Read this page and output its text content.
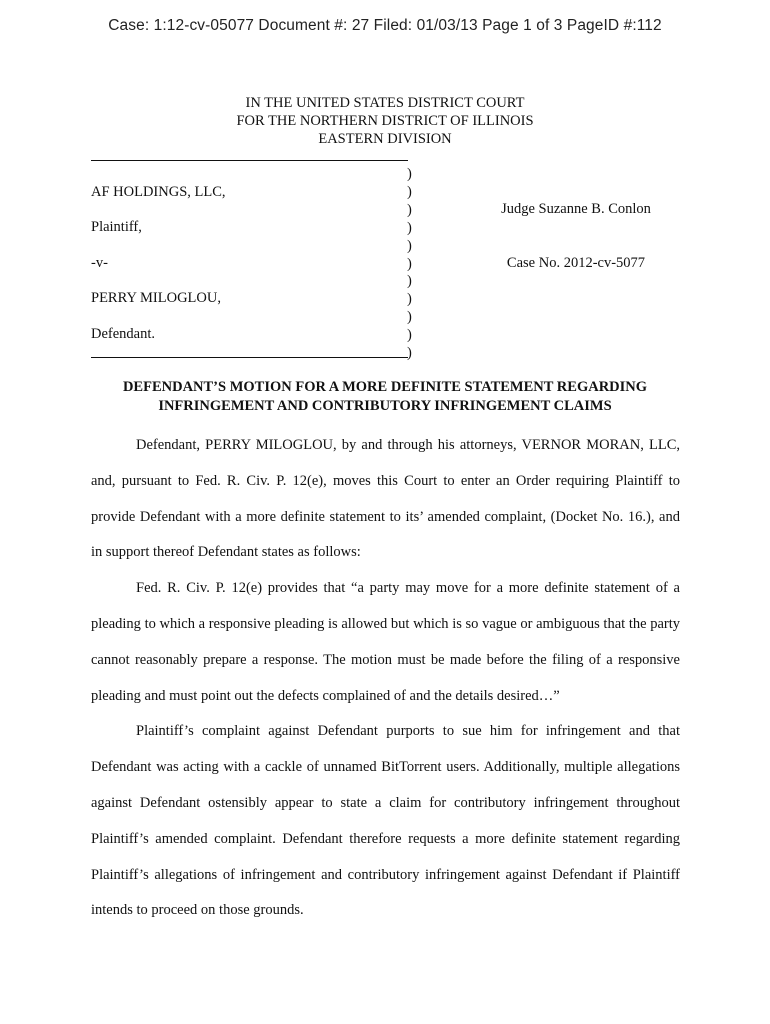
Case: 1:12-cv-05077 Document #: 27 Filed: 01/03/13 Page 1 of 3 PageID #:112
IN THE UNITED STATES DISTRICT COURT
FOR THE NORTHERN DISTRICT OF ILLINOIS
EASTERN DIVISION
AF HOLDINGS, LLC,
Plaintiff,
-v-
PERRY MILOGLOU,
Defendant.
)
)
)
)
)
)
)
)
)
)
)
Judge Suzanne B. Conlon
Case No. 2012-cv-5077
DEFENDANT’S MOTION FOR A MORE DEFINITE STATEMENT REGARDING
INFRINGEMENT AND CONTRIBUTORY INFRINGEMENT CLAIMS

Defendant, PERRY MILOGLOU, by and through his attorneys, VERNOR MORAN, LLC, and, pursuant to Fed. R. Civ. P. 12(e), moves this Court to enter an Order requiring Plaintiff to provide Defendant with a more definite statement to its’ amended complaint, (Docket No. 16.), and in support thereof Defendant states as follows:

Fed. R. Civ. P. 12(e) provides that “a party may move for a more definite statement of a pleading to which a responsive pleading is allowed but which is so vague or ambiguous that the party cannot reasonably prepare a response. The motion must be made before the filing of a responsive pleading and must point out the defects complained of and the details desired…”

Plaintiff’s complaint against Defendant purports to sue him for infringement and that Defendant was acting with a cackle of unnamed BitTorrent users. Additionally, multiple allegations against Defendant ostensibly appear to state a claim for contributory infringement throughout Plaintiff’s amended complaint. Defendant therefore requests a more definite statement regarding Plaintiff’s allegations of infringement and contributory infringement against Defendant if Plaintiff intends to proceed on those grounds.
